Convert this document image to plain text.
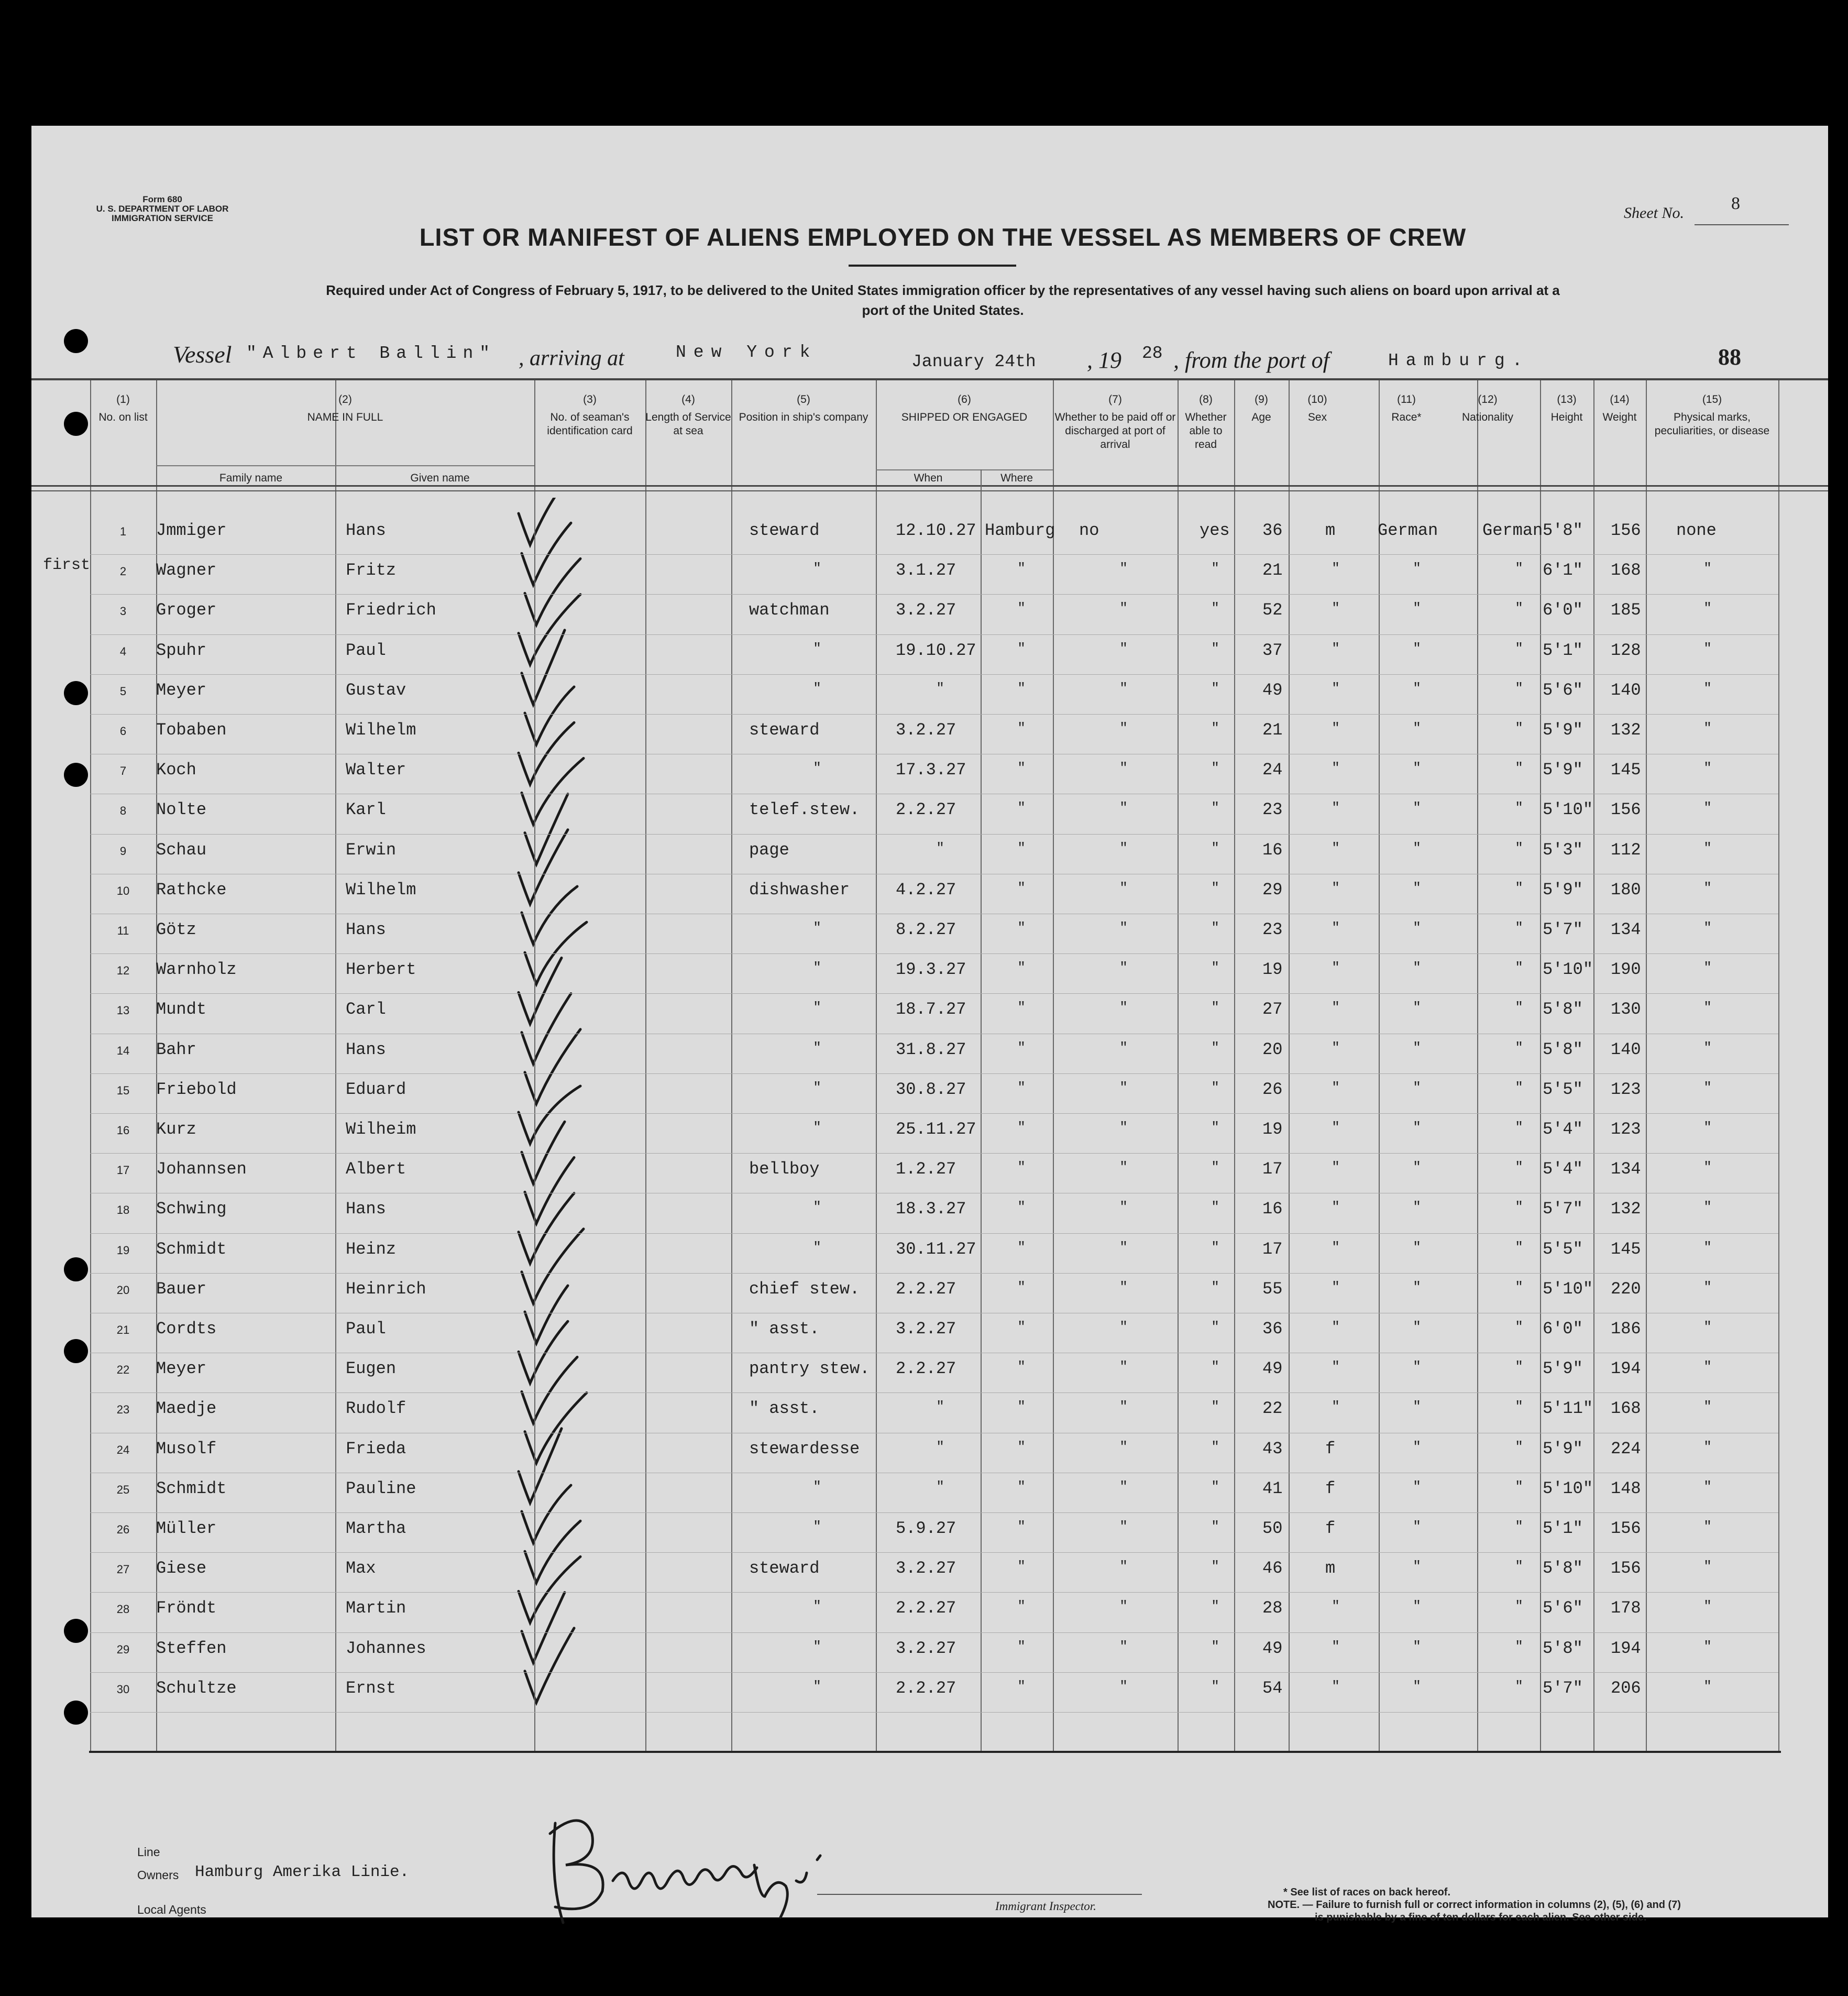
Form 680
U. S. DEPARTMENT OF LABOR
IMMIGRATION SERVICE	Sheet No.	8
LIST OR MANIFEST OF ALIENS EMPLOYED ON THE VESSEL AS MEMBERS OF CREW
Required under Act of Congress of February 5, 1917, to be delivered to the United States immigration officer by the representatives of any vessel having such aliens on board upon arrival at a
port of the United States.
Vessel "Albert Ballin" , arriving at	New York	January 24th , 19 28 , from the port of	Hamburg.	88
first
Line
Owners Hamburg Amerika Linie.
Local Agents	Immigrant Inspector.
* See list of races on back hereof.
NOTE. — Failure to furnish full or correct information in columns (2), (5), (6) and (7)
is punishable by a fine of ten dollars for each alien. See other side.
(1)
No. on list
(2)
NAME IN FULL
(3)
No. of seaman's identification card
(4)
Length of Service at sea
(5)
Position in ship's company
(6)
SHIPPED OR ENGAGED
(7)
Whether to be paid off or discharged at port of arrival
(8)
Whether able to read
(9)
Age
(10)
Sex
(11)
Race*
(12)
Nationality
(13)
Height
(14)
Weight
(15)
Physical marks, peculiarities, or disease
Family name	Given name	When	Where
1	Jmmiger	Hans	steward	12.10.27 Hamburg no	yes 36	m	German	German 5'8"	156	none
2	Wagner	Fritz	"	3.1.27	"	"	"	21	"	"	"	6'1"	168	"
3	Groger	Friedrich	watchman	3.2.27	"	"	"	52	"	"	"	6'0"	185	"
4	Spuhr	Paul	"	19.10.27	"	"	"	37	"	"	"	5'1"	128	"
5	Meyer	Gustav	"	"	"	"	"	49	"	"	"	5'6"	140	"
6	Tobaben	Wilhelm	steward	3.2.27	"	"	"	21	"	"	"	5'9"	132	"
7	Koch	Walter	"	17.3.27	"	"	"	24	"	"	"	5'9"	145	"
8	Nolte	Karl	telef.stew.	2.2.27	"	"	"	23	"	"	"	5'10" 156	"
9	Schau	Erwin	page	"	"	"	"	16	"	"	"	5'3"	112	"
10	Rathcke	Wilhelm	dishwasher	4.2.27	"	"	"	29	"	"	"	5'9"	180	"
11	Götz	Hans	"	8.2.27	"	"	"	23	"	"	"	5'7"	134	"
12	Warnholz	Herbert	"	19.3.27	"	"	"	19	"	"	"	5'10" 190	"
13	Mundt	Carl	"	18.7.27	"	"	"	27	"	"	"	5'8"	130	"
14	Bahr	Hans	"	31.8.27	"	"	"	20	"	"	"	5'8"	140	"
15	Friebold	Eduard	"	30.8.27	"	"	"	26	"	"	"	5'5"	123	"
16	Kurz	Wilheim	"	25.11.27	"	"	"	19	"	"	"	5'4"	123	"
17	Johannsen	Albert	bellboy	1.2.27	"	"	"	17	"	"	"	5'4"	134	"
18	Schwing	Hans	"	18.3.27	"	"	"	16	"	"	"	5'7"	132	"
19	Schmidt	Heinz	"	30.11.27	"	"	"	17	"	"	"	5'5"	145	"
20	Bauer	Heinrich	chief stew.	2.2.27	"	"	"	55	"	"	"	5'10" 220	"
21	Cordts	Paul	" asst.	3.2.27	"	"	"	36	"	"	"	6'0"	186	"
22	Meyer	Eugen	pantry stew.	2.2.27	"	"	"	49	"	"	"	5'9"	194	"
23	Maedje	Rudolf	" asst.	"	"	"	"	22	"	"	"	5'11" 168	"
24	Musolf	Frieda	stewardesse	"	"	"	"	43	f	"	"	5'9"	224	"
25	Schmidt	Pauline	"	"	"	"	"	41	f	"	"	5'10" 148	"
26	Müller	Martha	"	5.9.27	"	"	"	50	f	"	"	5'1"	156	"
27	Giese	Max	steward	3.2.27	"	"	"	46	m	"	"	5'8"	156	"
28	Fröndt	Martin	"	2.2.27	"	"	"	28	"	"	"	5'6"	178	"
29	Steffen	Johannes	"	3.2.27	"	"	"	49	"	"	"	5'8"	194	"
30	Schultze	Ernst	"	2.2.27	"	"	"	54	"	"	"	5'7"	206	"
